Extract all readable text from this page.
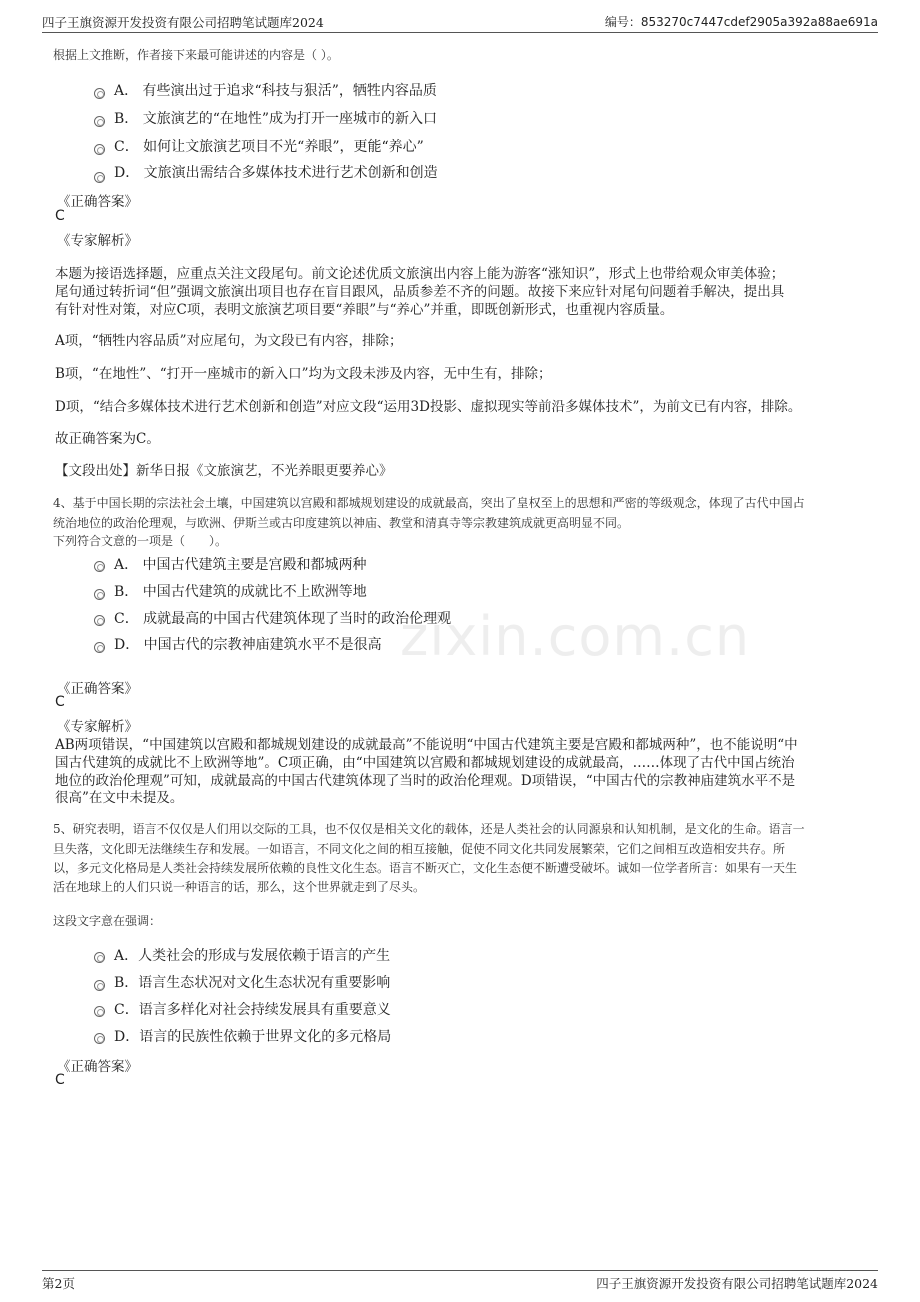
四子王旗资源开发投资有限公司招聘笔试题库2024	编号：853270c7447cdef2905a392a88ae691a
根据上文推断，作者接下来最可能讲述的内容是（ ）。
A． 有些演出过于追求“科技与狠活”，牺牲内容品质
B． 文旅演艺的“在地性”成为打开一座城市的新入口
C． 如何让文旅演艺项目不光“养眼”，更能“养心”
D． 文旅演出需结合多媒体技术进行艺术创新和创造
《正确答案》
C
《专家解析》
本题为接语选择题，应重点关注文段尾句。前文论述优质文旅演出内容上能为游客“涨知识”，形式上也带给观众审美体验；
尾句通过转折词“但”强调文旅演出项目也存在盲目跟风，品质参差不齐的问题。故接下来应针对尾句问题着手解决，提出具
有针对性对策，对应C项，表明文旅演艺项目要“养眼”与“养心”并重，即既创新形式，也重视内容质量。
A项，“牺牲内容品质”对应尾句，为文段已有内容，排除；
B项，“在地性”、“打开一座城市的新入口”均为文段未涉及内容，无中生有，排除；
D项，“结合多媒体技术进行艺术创新和创造”对应文段“运用3D投影、虚拟现实等前沿多媒体技术”，为前文已有内容，排除。
故正确答案为C。
【文段出处】新华日报《文旅演艺，不光养眼更要养心》
4、基于中国长期的宗法社会土壤，中国建筑以宫殿和都城规划建设的成就最高，突出了皇权至上的思想和严密的等级观念，体现了古代中国占
统治地位的政治伦理观，与欧洲、伊斯兰或古印度建筑以神庙、教堂和清真寺等宗教建筑成就更高明显不同。
下列符合文意的一项是（　　）。
A． 中国古代建筑主要是宫殿和都城两种
B． 中国古代建筑的成就比不上欧洲等地
C． 成就最高的中国古代建筑体现了当时的政治伦理观
D． 中国古代的宗教神庙建筑水平不是很高
《正确答案》
C
《专家解析》
AB两项错误，“中国建筑以宫殿和都城规划建设的成就最高”不能说明“中国古代建筑主要是宫殿和都城两种”，也不能说明“中
国古代建筑的成就比不上欧洲等地”。C项正确，由“中国建筑以宫殿和都城规划建设的成就最高，……体现了古代中国占统治
地位的政治伦理观”可知，成就最高的中国古代建筑体现了当时的政治伦理观。D项错误，“中国古代的宗教神庙建筑水平不是
很高”在文中未提及。
5、研究表明，语言不仅仅是人们用以交际的工具，也不仅仅是相关文化的载体，还是人类社会的认同源泉和认知机制，是文化的生命。语言一
旦失落，文化即无法继续生存和发展。一如语言，不同文化之间的相互接触，促使不同文化共同发展繁荣，它们之间相互改造相安共存。所
以，多元文化格局是人类社会持续发展所依赖的良性文化生态。语言不断灭亡，文化生态便不断遭受破坏。诚如一位学者所言：如果有一天生
活在地球上的人们只说一种语言的话，那么，这个世界就走到了尽头。
这段文字意在强调：
A．人类社会的形成与发展依赖于语言的产生
B．语言生态状况对文化生态状况有重要影响
C．语言多样化对社会持续发展具有重要意义
D．语言的民族性依赖于世界文化的多元格局
《正确答案》
C
zixin.com.cn
第2页	四子王旗资源开发投资有限公司招聘笔试题库2024
